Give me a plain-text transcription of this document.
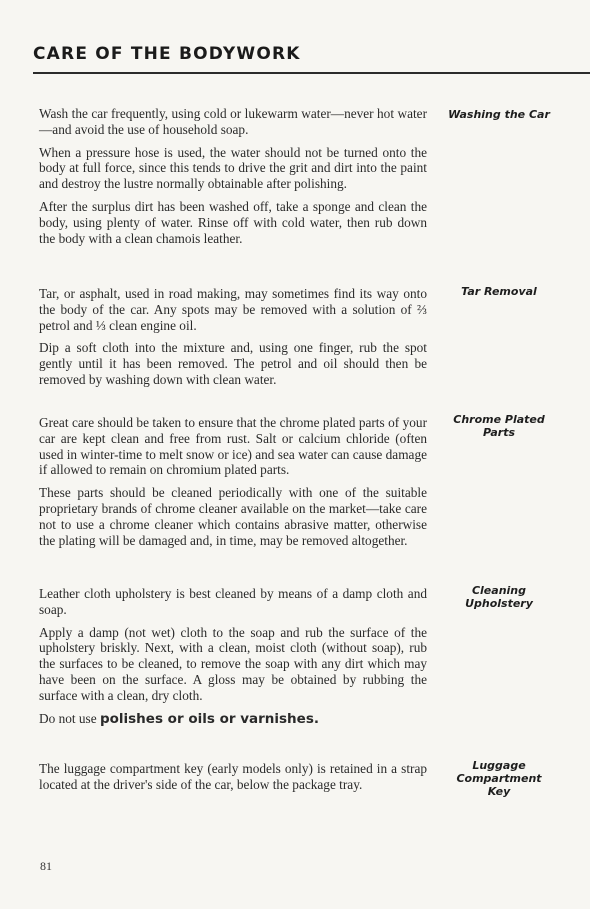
CARE OF THE BODYWORK

Wash the car frequently, using cold or lukewarm water—never hot water—and avoid the use of household soap.

When a pressure hose is used, the water should not be turned onto the body at full force, since this tends to drive the grit and dirt into the paint and destroy the lustre normally obtainable after polishing.

After the surplus dirt has been washed off, take a sponge and clean the body, using plenty of water. Rinse off with cold water, then rub down the body with a clean chamois leather.

Washing the Car

Tar, or asphalt, used in road making, may sometimes find its way onto the body of the car. Any spots may be removed with a solution of ⅔ petrol and ⅓ clean engine oil.

Dip a soft cloth into the mixture and, using one finger, rub the spot gently until it has been removed. The petrol and oil should then be removed by washing down with clean water.

Tar Removal

Great care should be taken to ensure that the chrome plated parts of your car are kept clean and free from rust. Salt or calcium chloride (often used in winter-time to melt snow or ice) and sea water can cause damage if allowed to remain on chromium plated parts.

These parts should be cleaned periodically with one of the suitable proprietary brands of chrome cleaner available on the market—take care not to use a chrome cleaner which contains abrasive matter, otherwise the plating will be damaged and, in time, may be removed altogether.

Chrome Plated Parts

Leather cloth upholstery is best cleaned by means of a damp cloth and soap.

Apply a damp (not wet) cloth to the soap and rub the surface of the upholstery briskly. Next, with a clean, moist cloth (without soap), rub the surfaces to be cleaned, to remove the soap with any dirt which may have been on the surface. A gloss may be obtained by rubbing the surface with a clean, dry cloth.

Do not use polishes or oils or varnishes.

Cleaning Upholstery

The luggage compartment key (early models only) is retained in a strap located at the driver's side of the car, below the package tray.

Luggage Compartment Key
81
